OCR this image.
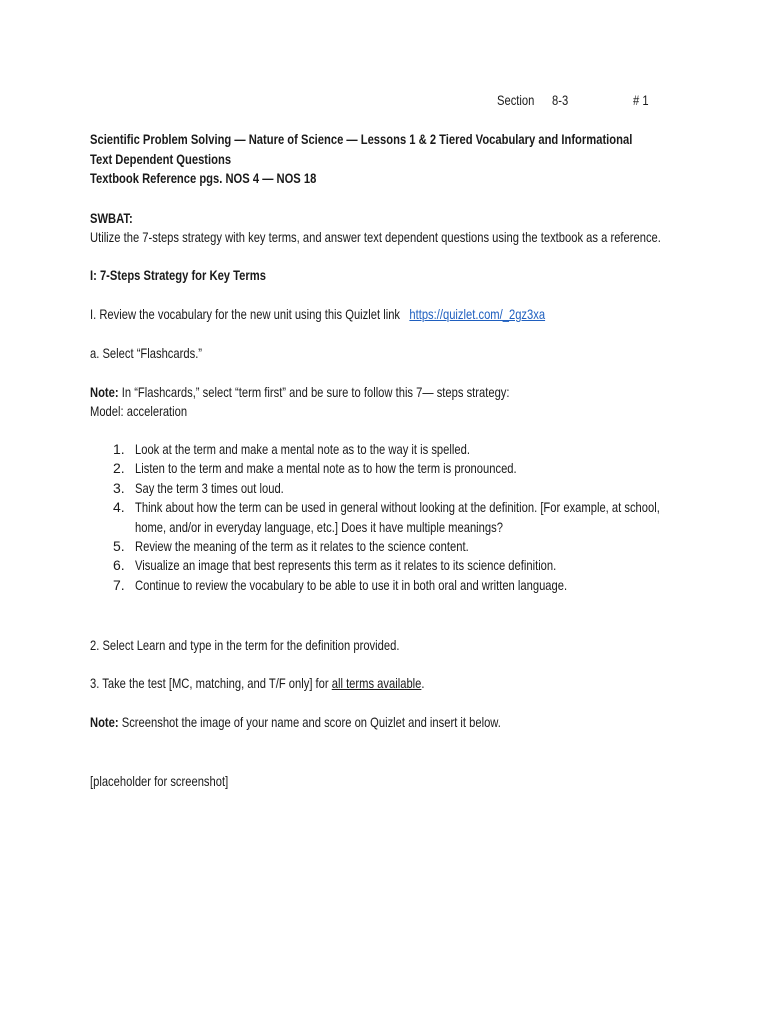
Section	8-3	# 1
Scientific Problem Solving — Nature of Science — Lessons 1 & 2 Tiered Vocabulary and Informational
Text Dependent Questions
Textbook Reference pgs. NOS 4 — NOS 18
SWBAT:
Utilize the 7-steps strategy with key terms, and answer text dependent questions using the textbook as a reference.
I: 7-Steps Strategy for Key Terms
I. Review the vocabulary for the new unit using this Quizlet link https://quizlet.com/_2gz3xa
a. Select “Flashcards.”
Note: In “Flashcards,” select “term first” and be sure to follow this 7— steps strategy:
Model: acceleration
1. Look at the term and make a mental note as to the way it is spelled.
2. Listen to the term and make a mental note as to how the term is pronounced.
3. Say the term 3 times out loud.
4. Think about how the term can be used in general without looking at the definition. [For example, at school,
home, and/or in everyday language, etc.] Does it have multiple meanings?
5. Review the meaning of the term as it relates to the science content.
6. Visualize an image that best represents this term as it relates to its science definition.
7. Continue to review the vocabulary to be able to use it in both oral and written language.
2. Select Learn and type in the term for the definition provided.
3. Take the test [MC, matching, and T/F only] for all terms available.
Note: Screenshot the image of your name and score on Quizlet and insert it below.
[placeholder for screenshot]
